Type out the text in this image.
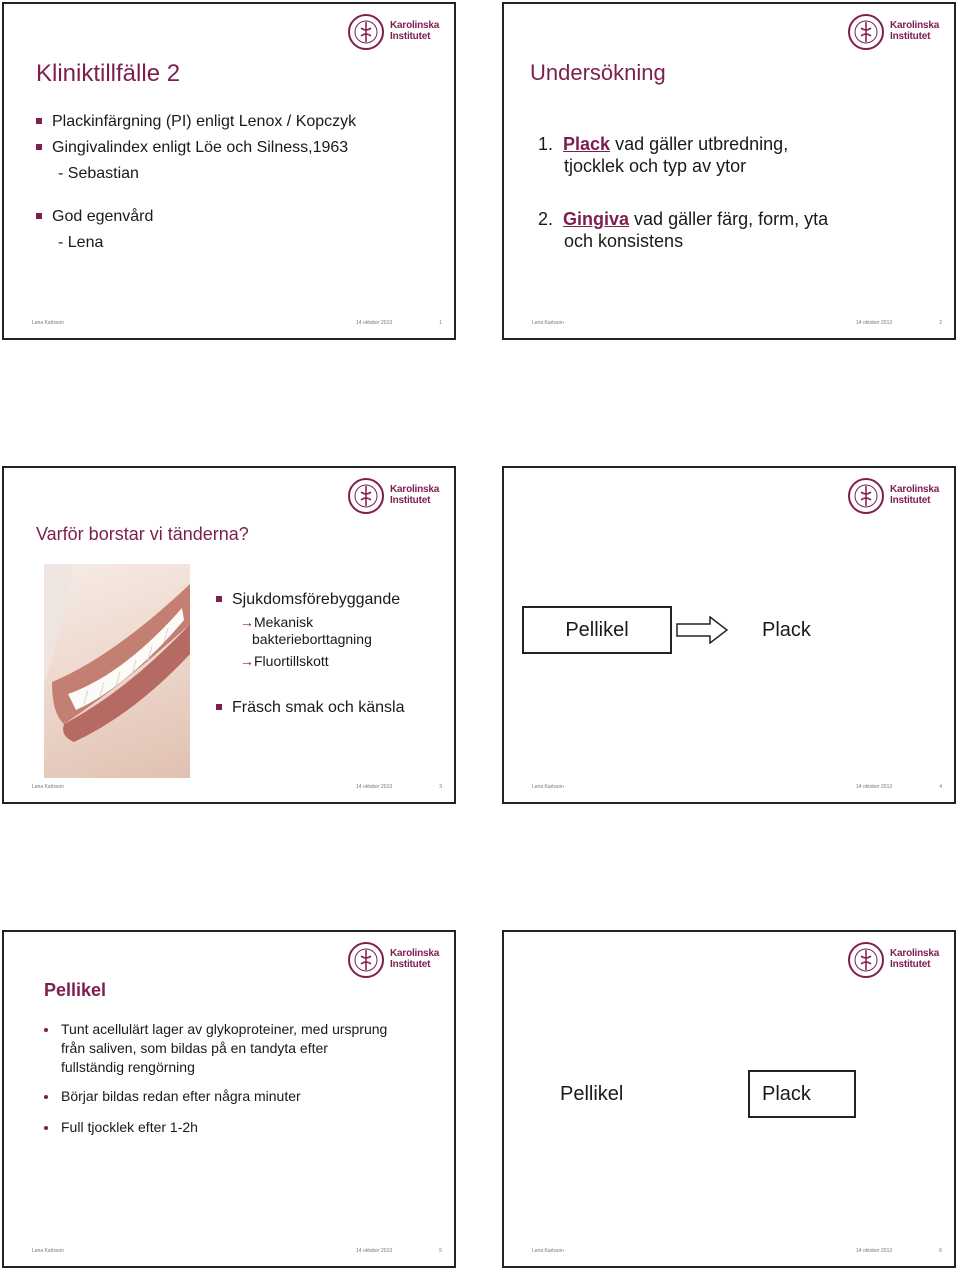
Karolinska
Institutet
Kliniktillfälle 2
Plackinfärgning (PI) enligt Lenox / Kopczyk
Gingivalindex enligt Löe och Silness,1963
- Sebastian
God egenvård
- Lena
Lena Karlsson	14 oktober 2013	1
Karolinska
Institutet
Undersökning
1. Plack vad gäller utbredning,
tjocklek och typ av ytor
2. Gingiva vad gäller färg, form, yta
och konsistens
Lena Karlsson	14 oktober 2013	2
Karolinska
Institutet
Varför borstar vi tänderna?
Sjukdomsförebyggande
→Mekanisk
bakterieborttagning
→Fluortillskott
Fräsch smak och känsla
Lena Karlsson	14 oktober 2013	3
Karolinska
Institutet
Pellikel	Plack
Lena Karlsson	14 oktober 2013	4
Karolinska
Institutet
Pellikel
Tunt acellulärt lager av glykoproteiner, med ursprung
från saliven, som bildas på en tandyta efter
fullständig rengörning
Börjar bildas redan efter några minuter
Full tjocklek efter 1-2h
Lena Karlsson	14 oktober 2013	5
Karolinska
Institutet
Pellikel	Plack
Lena Karlsson	14 oktober 2013	6
